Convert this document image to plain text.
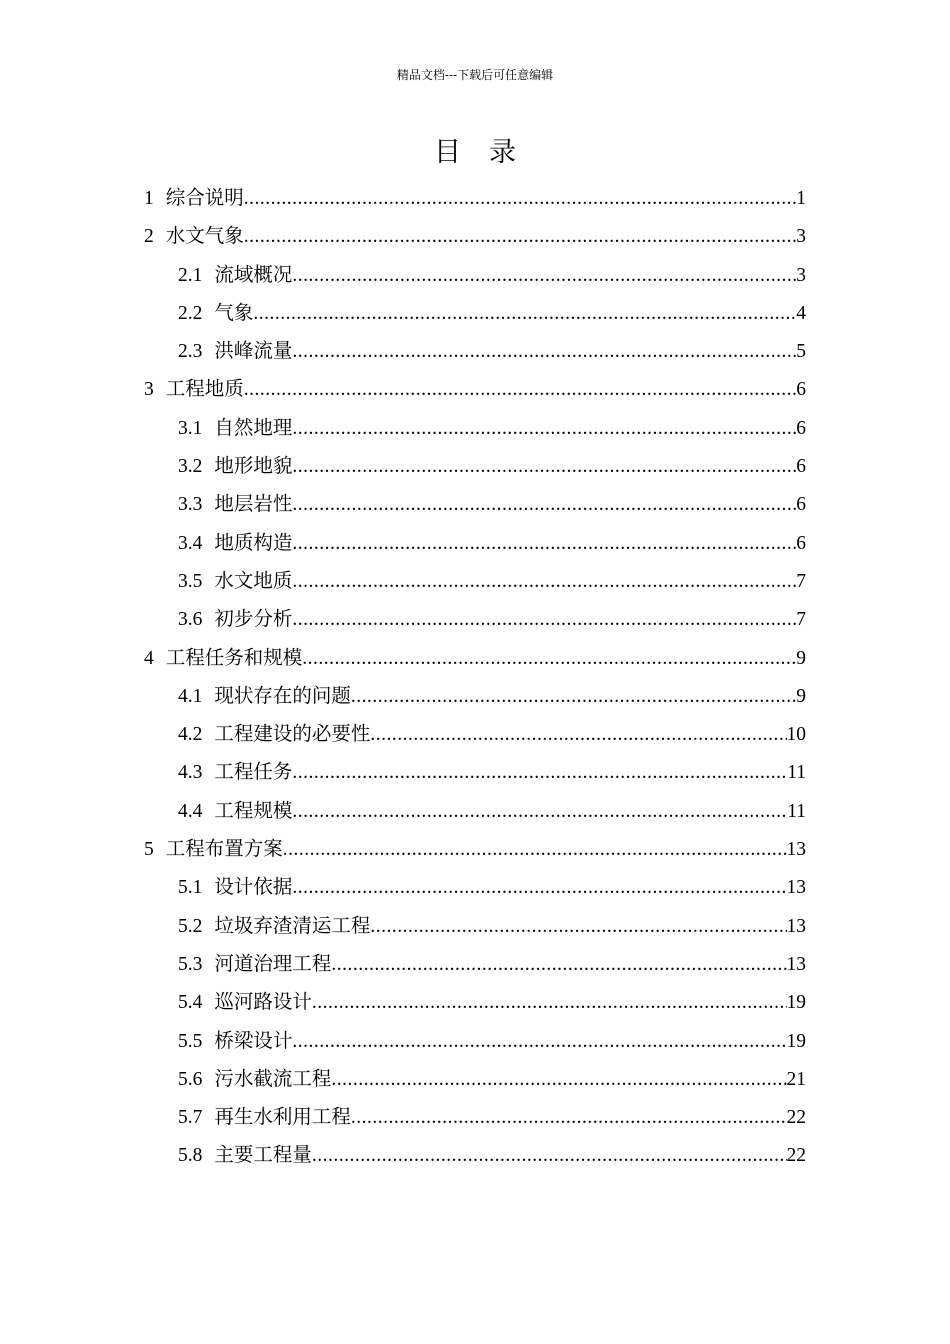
精品文档---下载后可任意编辑
目录
1 综合说明 .....	1
2 水文气象 .....	3
2.1 流域概况 .....	3
2.2 气象 .....	4
2.3 洪峰流量 .....	5
3 工程地质 .....	6
3.1 自然地理 .....	6
3.2 地形地貌 .....	6
3.3 地层岩性 .....	6
3.4 地质构造 .....	6
3.5 水文地质 .....	7
3.6 初步分析 .....	7
4 工程任务和规模 .....	9
4.1 现状存在的问题 .....	9
4.2 工程建设的必要性 .....	10
4.3 工程任务 .....	11
4.4 工程规模 .....	11
5 工程布置方案 .....	13
5.1 设计依据 .....	13
5.2 垃圾弃渣清运工程 .....	13
5.3 河道治理工程 .....	13
5.4 巡河路设计 .....	19
5.5 桥梁设计 .....	19
5.6 污水截流工程 .....	21
5.7 再生水利用工程 .....	22
5.8 主要工程量 .....	22
